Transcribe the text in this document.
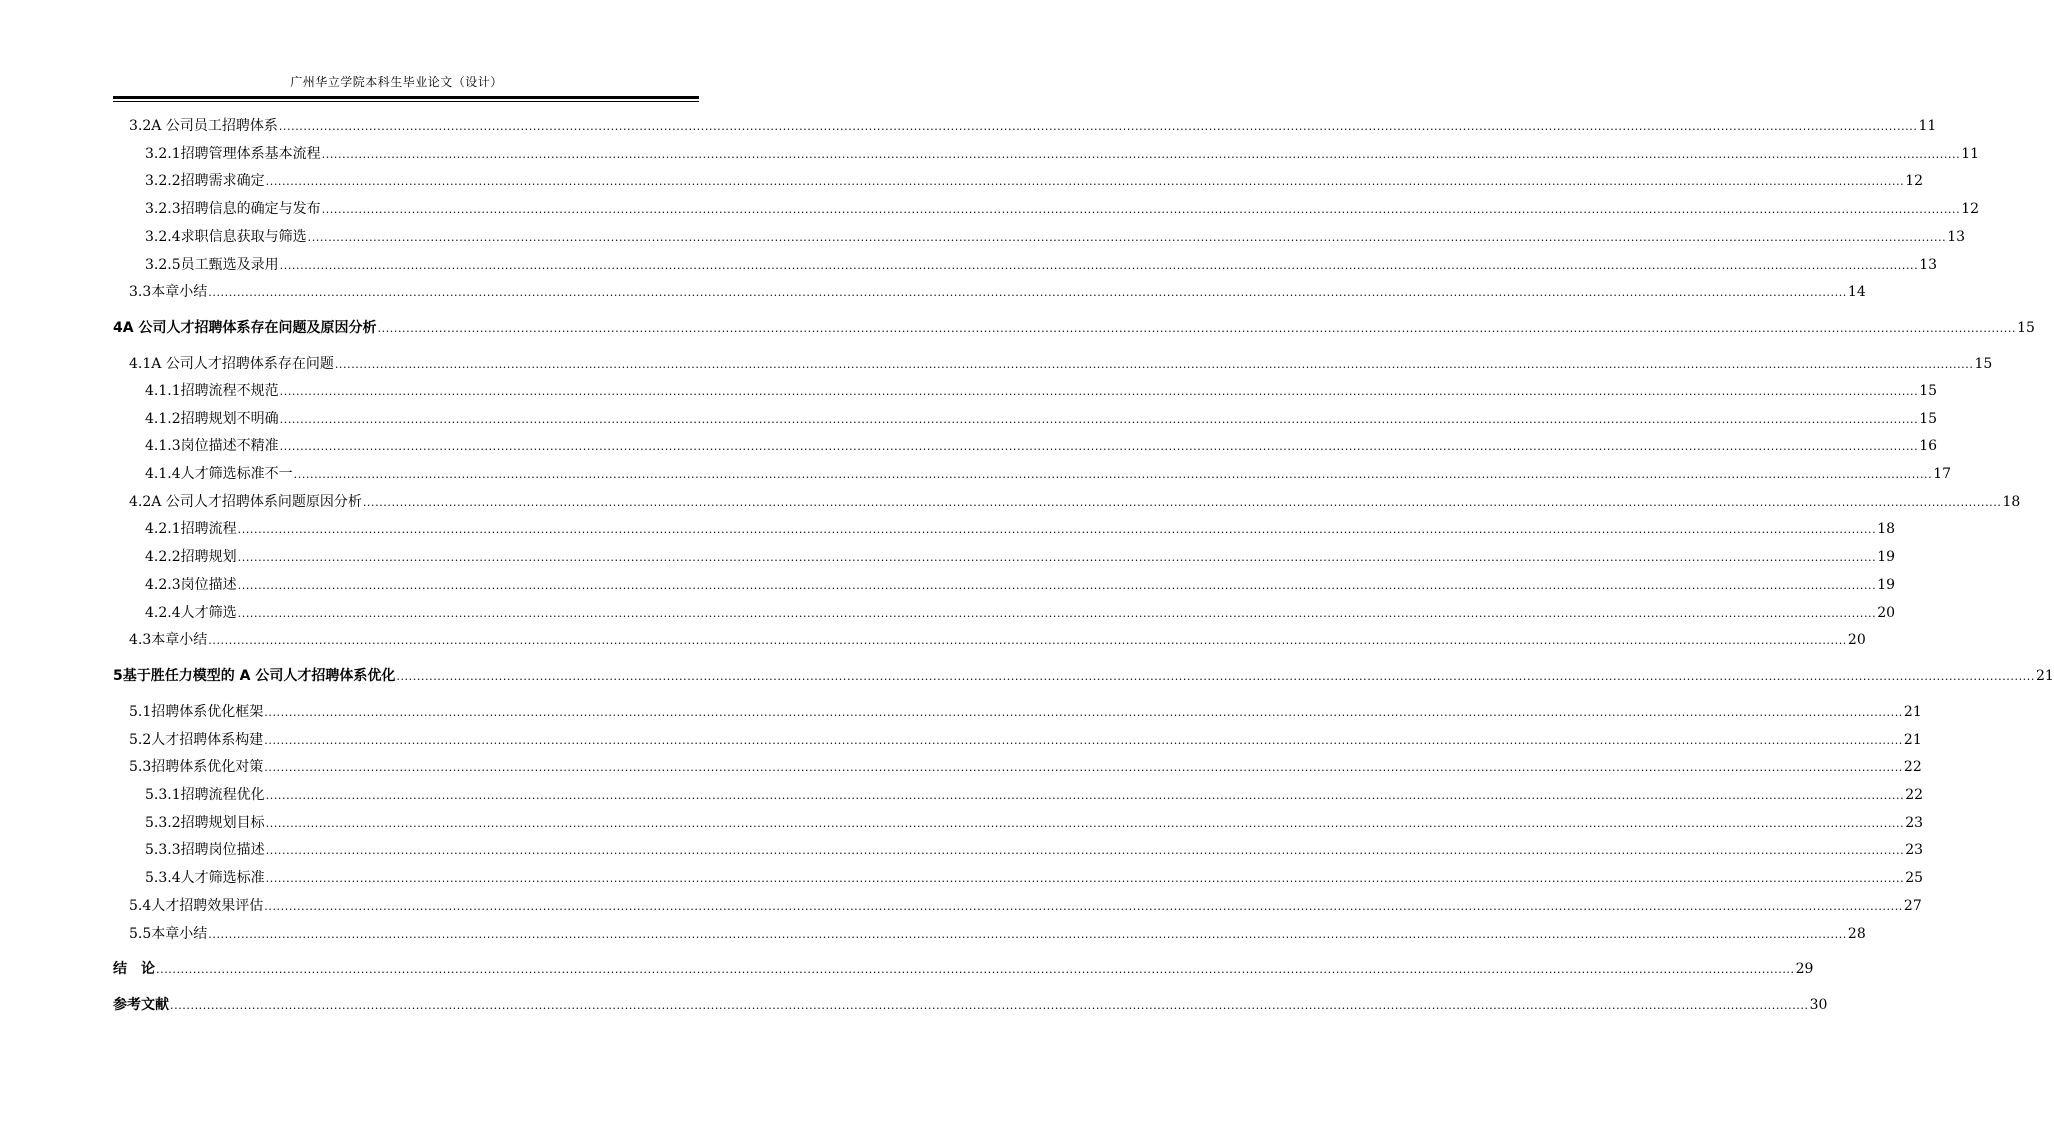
广州华立学院本科生毕业论文（设计）
3.2 A 公司员工招聘体系 ................................................................................................................................................................................................................................................................................................................................................................................................................ 11
3.2.1 招聘管理体系基本流程 ................................................................................................................................................................................................................................................................................................................................................................................................................ 11
3.2.2 招聘需求确定 ................................................................................................................................................................................................................................................................................................................................................................................................................ 12
3.2.3 招聘信息的确定与发布 ................................................................................................................................................................................................................................................................................................................................................................................................................ 12
3.2.4 求职信息获取与筛选 ................................................................................................................................................................................................................................................................................................................................................................................................................ 13
3.2.5 员工甄选及录用 ................................................................................................................................................................................................................................................................................................................................................................................................................ 13
3.3 本章小结 ................................................................................................................................................................................................................................................................................................................................................................................................................ 14
4 A 公司人才招聘体系存在问题及原因分析 ................................................................................................................................................................................................................................................................................................................................................................................................................ 15
4.1 A 公司人才招聘体系存在问题 ................................................................................................................................................................................................................................................................................................................................................................................................................ 15
4.1.1 招聘流程不规范 ................................................................................................................................................................................................................................................................................................................................................................................................................ 15
4.1.2 招聘规划不明确 ................................................................................................................................................................................................................................................................................................................................................................................................................ 15
4.1.3 岗位描述不精准 ................................................................................................................................................................................................................................................................................................................................................................................................................ 16
4.1.4 人才筛选标准不一 ................................................................................................................................................................................................................................................................................................................................................................................................................ 17
4.2 A 公司人才招聘体系问题原因分析 ................................................................................................................................................................................................................................................................................................................................................................................................................ 18
4.2.1 招聘流程 ................................................................................................................................................................................................................................................................................................................................................................................................................ 18
4.2.2 招聘规划 ................................................................................................................................................................................................................................................................................................................................................................................................................ 19
4.2.3 岗位描述 ................................................................................................................................................................................................................................................................................................................................................................................................................ 19
4.2.4 人才筛选 ................................................................................................................................................................................................................................................................................................................................................................................................................ 20
4.3 本章小结 ................................................................................................................................................................................................................................................................................................................................................................................................................ 20
5 基于胜任力模型的 A 公司人才招聘体系优化 ................................................................................................................................................................................................................................................................................................................................................................................................................ 21
5.1 招聘体系优化框架 ................................................................................................................................................................................................................................................................................................................................................................................................................ 21
5.2 人才招聘体系构建 ................................................................................................................................................................................................................................................................................................................................................................................................................ 21
5.3 招聘体系优化对策 ................................................................................................................................................................................................................................................................................................................................................................................................................ 22
5.3.1 招聘流程优化 ................................................................................................................................................................................................................................................................................................................................................................................................................ 22
5.3.2 招聘规划目标 ................................................................................................................................................................................................................................................................................................................................................................................................................ 23
5.3.3 招聘岗位描述 ................................................................................................................................................................................................................................................................................................................................................................................................................ 23
5.3.4 人才筛选标准 ................................................................................................................................................................................................................................................................................................................................................................................................................ 25
5.4 人才招聘效果评估 ................................................................................................................................................................................................................................................................................................................................................................................................................ 27
5.5 本章小结 ................................................................................................................................................................................................................................................................................................................................................................................................................ 28
结　论 ................................................................................................................................................................................................................................................................................................................................................................................................................ 29
参考文献 ................................................................................................................................................................................................................................................................................................................................................................................................................ 30
